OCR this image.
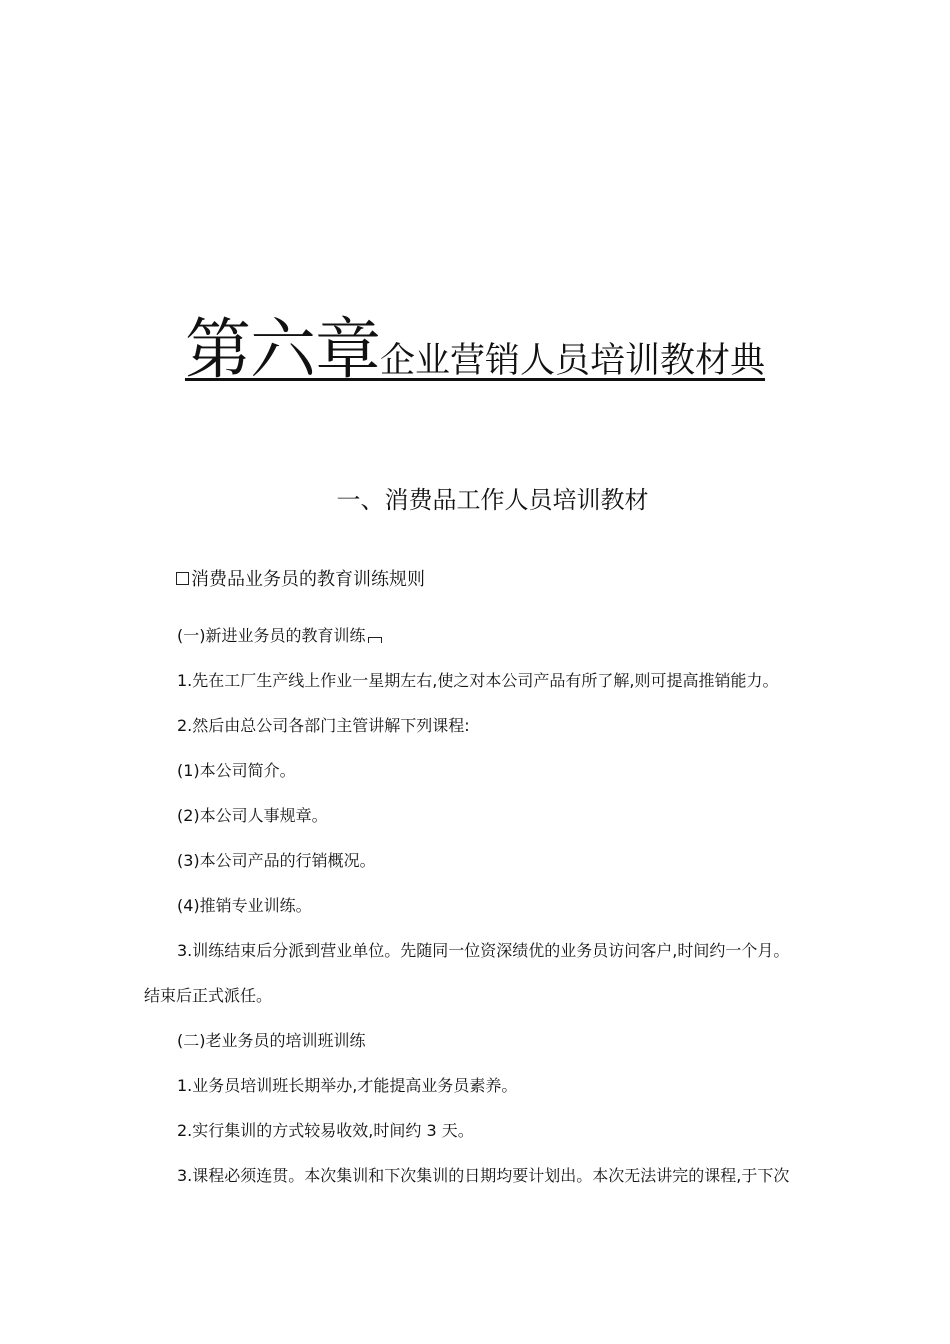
第六章企业营销人员培训教材典
一、消费品工作人员培训教材
消费品业务员的教育训练规则
(一)新进业务员的教育训练
1.先在工厂生产线上作业一星期左右,使之对本公司产品有所了解,则可提高推销能力。
2.然后由总公司各部门主管讲解下列课程:
(1)本公司简介。
(2)本公司人事规章。
(3)本公司产品的行销概况。
(4)推销专业训练。
3.训练结束后分派到营业单位。先随同一位资深绩优的业务员访问客户,时间约一个月。
结束后正式派任。
(二)老业务员的培训班训练
1.业务员培训班长期举办,才能提高业务员素养。
2.实行集训的方式较易收效,时间约 3 天。
3.课程必须连贯。本次集训和下次集训的日期均要计划出。本次无法讲完的课程,于下次
